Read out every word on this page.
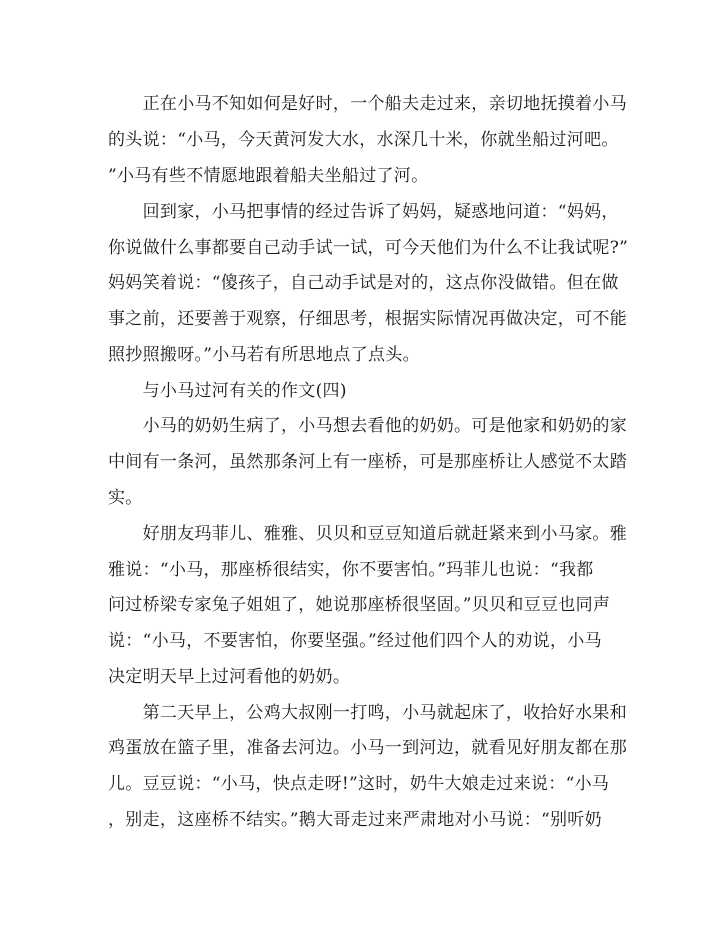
　　正在小马不知如何是好时，一个船夫走过来，亲切地抚摸着小马
的头说：“小马，今天黄河发大水，水深几十米，你就坐船过河吧。
”小马有些不情愿地跟着船夫坐船过了河。
　　回到家，小马把事情的经过告诉了妈妈，疑惑地问道：“妈妈，
你说做什么事都要自己动手试一试，可今天他们为什么不让我试呢?”
妈妈笑着说：“傻孩子，自己动手试是对的，这点你没做错。但在做
事之前，还要善于观察，仔细思考，根据实际情况再做决定，可不能
照抄照搬呀。”小马若有所思地点了点头。
　　与小马过河有关的作文(四)
　　小马的奶奶生病了，小马想去看他的奶奶。可是他家和奶奶的家
中间有一条河，虽然那条河上有一座桥，可是那座桥让人感觉不太踏
实。
　　好朋友玛菲儿、雅雅、贝贝和豆豆知道后就赶紧来到小马家。雅
雅说：“小马，那座桥很结实，你不要害怕。”玛菲儿也说：“我都
问过桥梁专家兔子姐姐了，她说那座桥很坚固。”贝贝和豆豆也同声
说：“小马，不要害怕，你要坚强。”经过他们四个人的劝说，小马
决定明天早上过河看他的奶奶。
　　第二天早上，公鸡大叔刚一打鸣，小马就起床了，收拾好水果和
鸡蛋放在篮子里，准备去河边。小马一到河边，就看见好朋友都在那
儿。豆豆说：“小马，快点走呀!”这时，奶牛大娘走过来说：“小马
，别走，这座桥不结实。”鹅大哥走过来严肃地对小马说：“别听奶
